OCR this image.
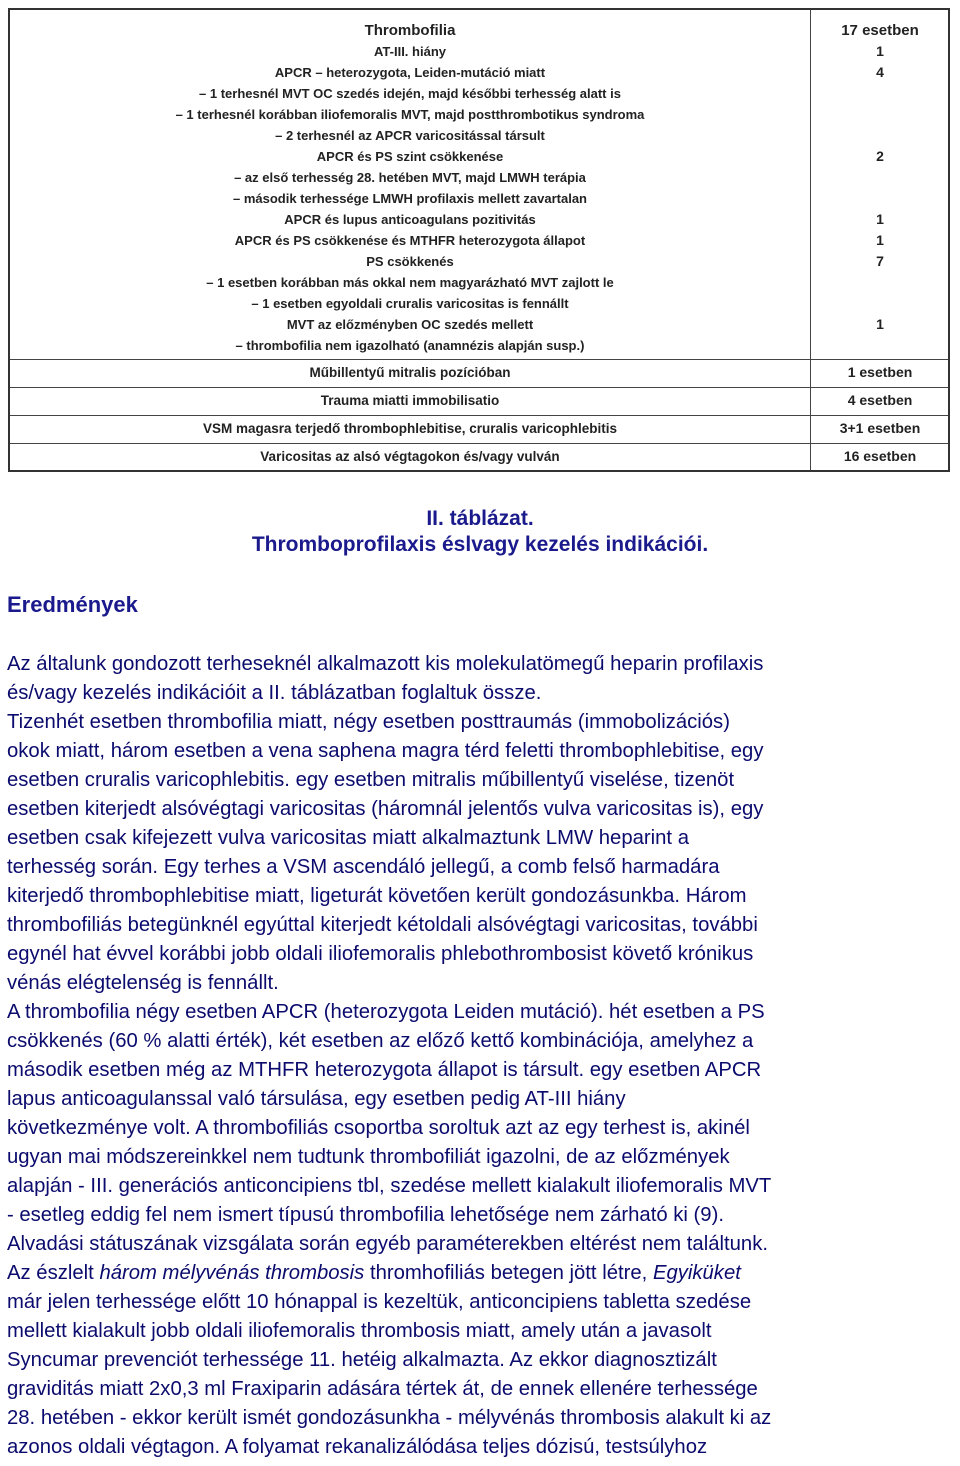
Thrombofilia	17 esetben
AT-III. hiány	1
APCR – heterozygota, Leiden-mutáció miatt	4
– 1 terhesnél MVT OC szedés idején, majd későbbi terhesség alatt is
– 1 terhesnél korábban iliofemoralis MVT, majd postthrombotikus syndroma
– 2 terhesnél az APCR varicositással társult
APCR és PS szint csökkenése	2
– az első terhesség 28. hetében MVT, majd LMWH terápia
– második terhessége LMWH profilaxis mellett zavartalan
APCR és lupus anticoagulans pozitivitás	1
APCR és PS csökkenése és MTHFR heterozygota állapot	1
PS csökkenés	7
– 1 esetben korábban más okkal nem magyarázható MVT zajlott le
– 1 esetben egyoldali cruralis varicositas is fennállt
MVT az előzményben OC szedés mellett	1
– thrombofilia nem igazolható (anamnézis alapján susp.)
Műbillentyű mitralis pozícióban	1 esetben
Trauma miatti immobilisatio	4 esetben
VSM magasra terjedő thrombophlebitise, cruralis varicophlebitis	3+1 esetben
Varicositas az alsó végtagokon és/vagy vulván	16 esetben
II. táblázat.
Thromboprofilaxis éslvagy kezelés indikációi.
Eredmények
Az általunk gondozott terheseknél alkalmazott kis molekulatömegű heparin profilaxis
és/vagy kezelés indikációit a II. táblázatban foglaltuk össze.
Tizenhét esetben thrombofilia miatt, négy esetben posttraumás (immobolizációs)
okok miatt, három esetben a vena saphena magra térd feletti thrombophlebitise, egy
esetben cruralis varicophlebitis. egy esetben mitralis műbillentyű viselése, tizenöt
esetben kiterjedt alsóvégtagi varicositas (háromnál jelentős vulva varicositas is), egy
esetben csak kifejezett vulva varicositas miatt alkalmaztunk LMW heparint a
terhesség során. Egy terhes a VSM ascendáló jellegű, a comb felső harmadára
kiterjedő thrombophlebitise miatt, ligeturát követően került gondozásunkba. Három
thrombofiliás betegünknél egyúttal kiterjedt kétoldali alsóvégtagi varicositas, további
egynél hat évvel korábbi jobb oldali iliofemoralis phlebothrombosist követő krónikus
vénás elégtelenség is fennállt.
A thrombofilia négy esetben APCR (heterozygota Leiden mutáció). hét esetben a PS
csökkenés (60 % alatti érték), két esetben az előző kettő kombinációja, amelyhez a
második esetben még az MTHFR heterozygota állapot is társult. egy esetben APCR
lapus anticoagulanssal való társulása, egy esetben pedig AT-III hiány
következménye volt. A thrombofiliás csoportba soroltuk azt az egy terhest is, akinél
ugyan mai módszereinkkel nem tudtunk thrombofiliát igazolni, de az előzmények
alapján - III. generációs anticoncipiens tbl, szedése mellett kialakult iliofemoralis MVT
- esetleg eddig fel nem ismert típusú thrombofilia lehetősége nem zárható ki (9).
Alvadási státuszának vizsgálata során egyéb paraméterekben eltérést nem találtunk.
Az észlelt három mélyvénás thrombosis thromhofiliás betegen jött létre, Egyiküket
már jelen terhessége előtt 10 hónappal is kezeltük, anticoncipiens tabletta szedése
mellett kialakult jobb oldali iliofemoralis thrombosis miatt, amely után a javasolt
Syncumar prevenciót terhessége 11. hetéig alkalmazta. Az ekkor diagnosztizált
graviditás miatt 2x0,3 ml Fraxiparin adására tértek át, de ennek ellenére terhessége
28. hetében - ekkor került ismét gondozásunkha - mélyvénás thrombosis alakult ki az
azonos oldali végtagon. A folyamat rekanalizálódása teljes dózisú, testsúlyhoz
